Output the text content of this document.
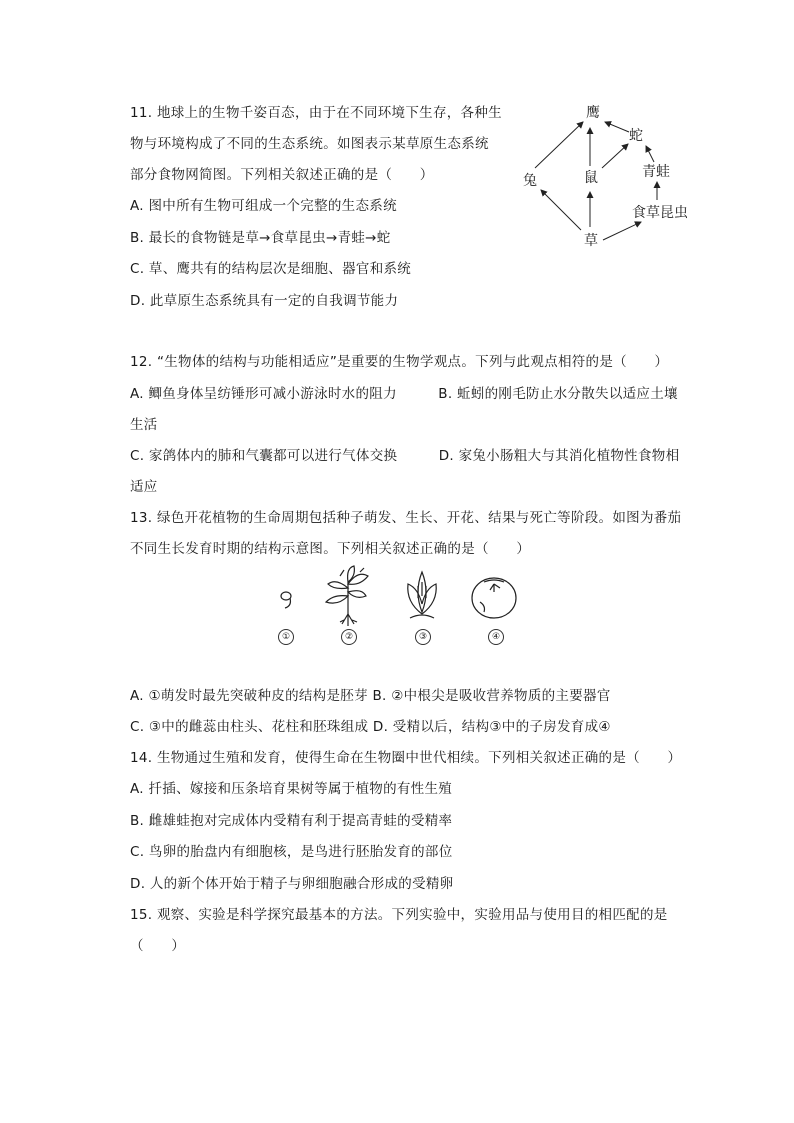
11. 地球上的生物千姿百态，由于在不同环境下生存，各种生
物与环境构成了不同的生态系统。如图表示某草原生态系统
部分食物网简图。下列相关叙述正确的是（　　）
A. 图中所有生物可组成一个完整的生态系统
B. 最长的食物链是草→食草昆虫→青蛙→蛇
C. 草、鹰共有的结构层次是细胞、器官和系统
D. 此草原生态系统具有一定的自我调节能力
鹰
蛇
兔	鼠	青蛙
食草昆虫
草
12. “生物体的结构与功能相适应”是重要的生物学观点。下列与此观点相符的是（　　）
A. 鲫鱼身体呈纺锤形可减小游泳时水的阻力　　　B. 蚯蚓的刚毛防止水分散失以适应土壤
生活
C. 家鸽体内的肺和气囊都可以进行气体交换　　　D. 家兔小肠粗大与其消化植物性食物相
适应
13. 绿色开花植物的生命周期包括种子萌发、生长、开花、结果与死亡等阶段。如图为番茄
不同生长发育时期的结构示意图。下列相关叙述正确的是（　　）
①	②	③	④
A. ①萌发时最先突破种皮的结构是胚芽 B. ②中根尖是吸收营养物质的主要器官
C. ③中的雌蕊由柱头、花柱和胚珠组成 D. 受精以后，结构③中的子房发育成④
14. 生物通过生殖和发育，使得生命在生物圈中世代相续。下列相关叙述正确的是（　　）
A. 扦插、嫁接和压条培育果树等属于植物的有性生殖
B. 雌雄蛙抱对完成体内受精有利于提高青蛙的受精率
C. 鸟卵的胎盘内有细胞核，是鸟进行胚胎发育的部位
D. 人的新个体开始于精子与卵细胞融合形成的受精卵
15. 观察、实验是科学探究最基本的方法。下列实验中，实验用品与使用目的相匹配的是
（　　）
